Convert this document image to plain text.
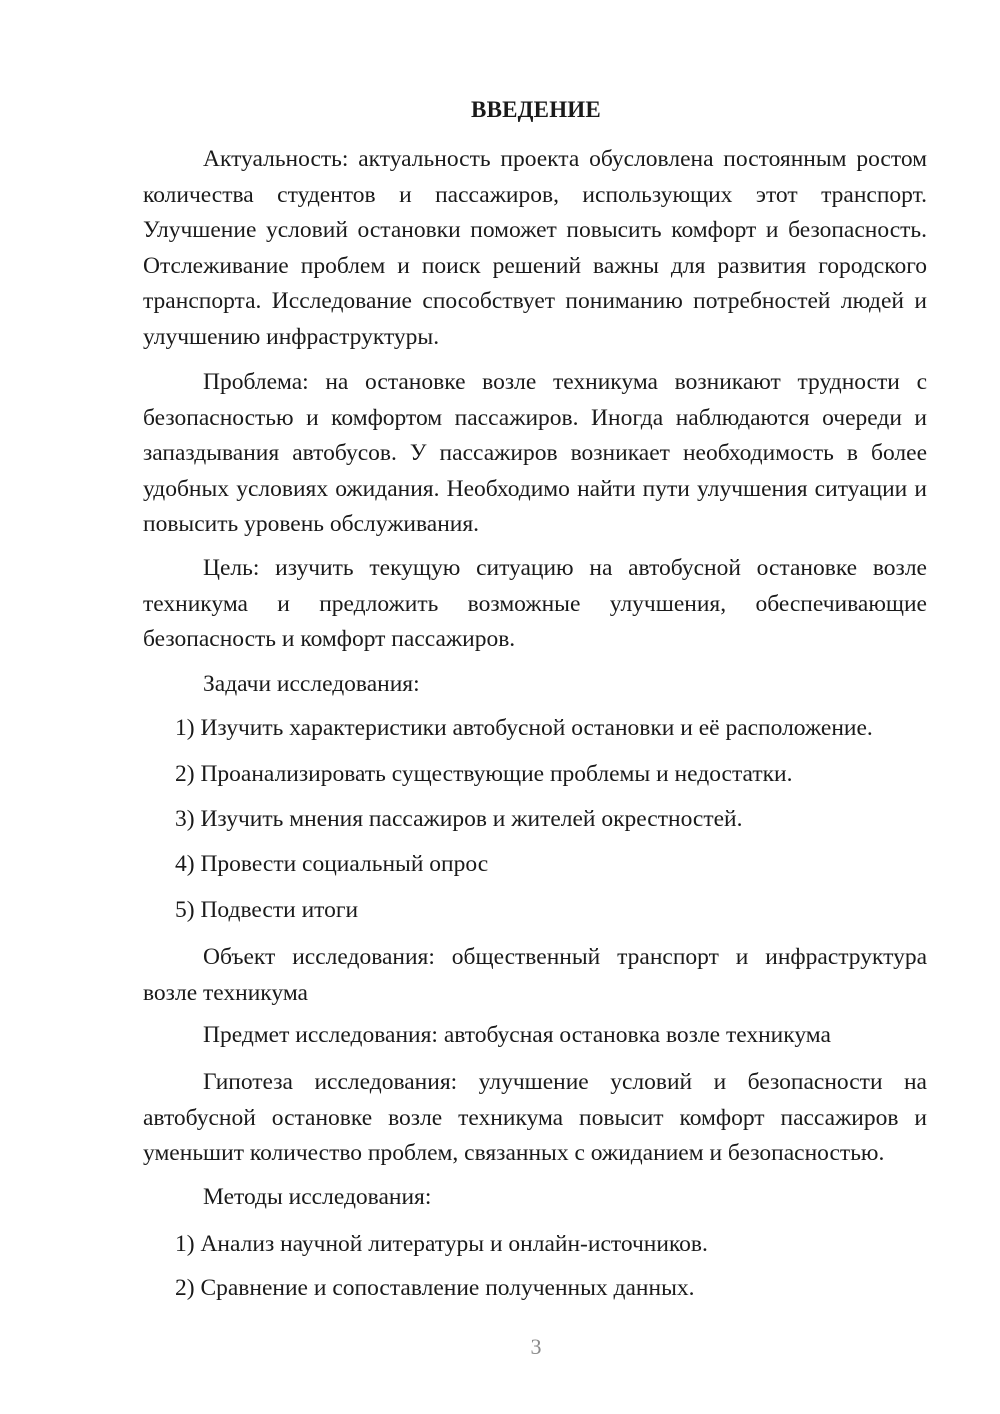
ВВЕДЕНИЕ

Актуальность: актуальность проекта обусловлена постоянным ростом количества студентов и пассажиров, использующих этот транспорт. Улучшение условий остановки поможет повысить комфорт и безопасность. Отслеживание проблем и поиск решений важны для развития городского транспорта. Исследование способствует пониманию потребностей людей и улучшению инфраструктуры.

Проблема: на остановке возле техникума возникают трудности с безопасностью и комфортом пассажиров. Иногда наблюдаются очереди и запаздывания автобусов. У пассажиров возникает необходимость в более удобных условиях ожидания. Необходимо найти пути улучшения ситуации и повысить уровень обслуживания.

Цель: изучить текущую ситуацию на автобусной остановке возле техникума и предложить возможные улучшения, обеспечивающие безопасность и комфорт пассажиров.

Задачи исследования:

1) Изучить характеристики автобусной остановки и её расположение.

2) Проанализировать существующие проблемы и недостатки.

3) Изучить мнения пассажиров и жителей окрестностей.

4) Провести социальный опрос

5) Подвести итоги

Объект исследования: общественный транспорт и инфраструктура возле техникума

Предмет исследования: автобусная остановка возле техникума

Гипотеза исследования: улучшение условий и безопасности на автобусной остановке возле техникума повысит комфорт пассажиров и уменьшит количество проблем, связанных с ожиданием и безопасностью.

Методы исследования:

1) Анализ научной литературы и онлайн-источников.

2) Сравнение и сопоставление полученных данных.

3
